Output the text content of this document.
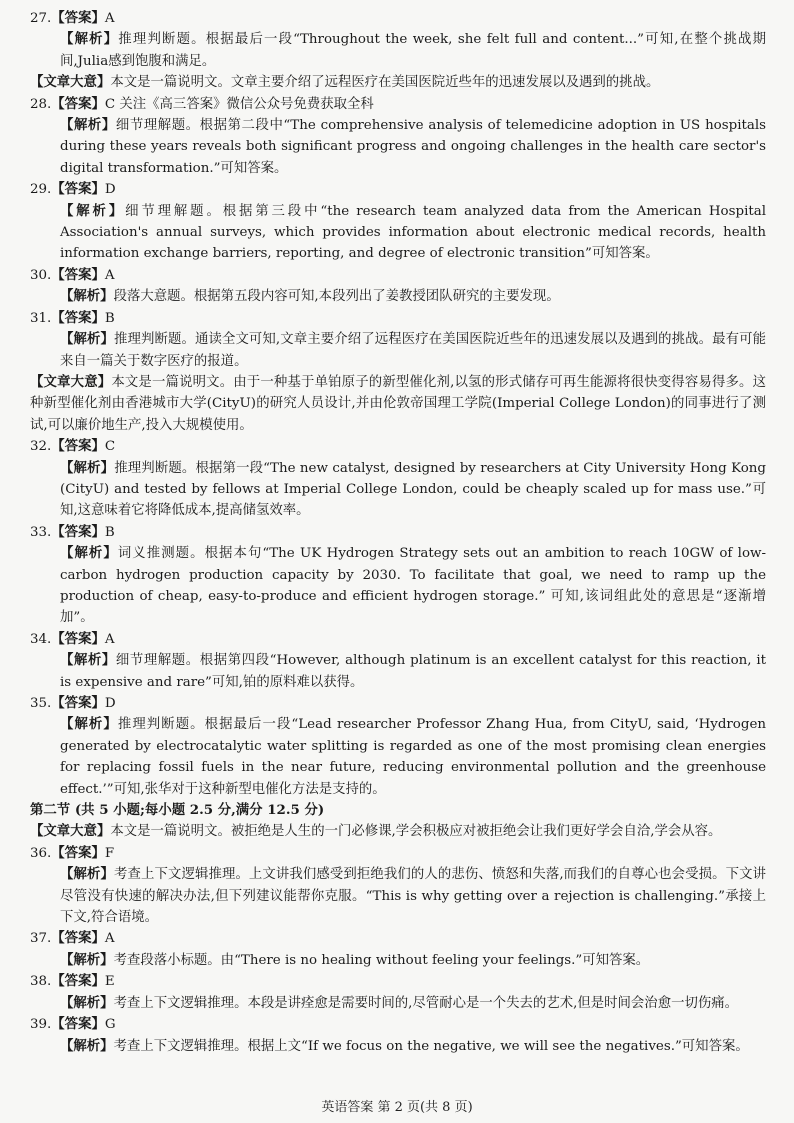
27.【答案】A
【解析】推理判断题。根据最后一段“Throughout the week, she felt full and content...”可知,在整个挑战期间,Julia感到饱腹和满足。
【文章大意】本文是一篇说明文。文章主要介绍了远程医疗在美国医院近些年的迅速发展以及遇到的挑战。
28.【答案】C 关注《高三答案》微信公众号免费获取全科
【解析】细节理解题。根据第二段中“The comprehensive analysis of telemedicine adoption in US hospitals during these years reveals both significant progress and ongoing challenges in the health care sector's digital transformation.”可知答案。
29.【答案】D
【解析】细节理解题。根据第三段中“the research team analyzed data from the American Hospital Association's annual surveys, which provides information about electronic medical records, health information exchange barriers, reporting, and degree of electronic transition”可知答案。
30.【答案】A
【解析】段落大意题。根据第五段内容可知,本段列出了姜教授团队研究的主要发现。
31.【答案】B
【解析】推理判断题。通读全文可知,文章主要介绍了远程医疗在美国医院近些年的迅速发展以及遇到的挑战。最有可能来自一篇关于数字医疗的报道。
【文章大意】本文是一篇说明文。由于一种基于单铂原子的新型催化剂,以氢的形式储存可再生能源将很快变得容易得多。这种新型催化剂由香港城市大学(CityU)的研究人员设计,并由伦敦帝国理工学院(Imperial College London)的同事进行了测试,可以廉价地生产,投入大规模使用。
32.【答案】C
【解析】推理判断题。根据第一段“The new catalyst, designed by researchers at City University Hong Kong (CityU) and tested by fellows at Imperial College London, could be cheaply scaled up for mass use.”可知,这意味着它将降低成本,提高储氢效率。
33.【答案】B
【解析】词义推测题。根据本句“The UK Hydrogen Strategy sets out an ambition to reach 10GW of low-carbon hydrogen production capacity by 2030. To facilitate that goal, we need to ramp up the production of cheap, easy-to-produce and efficient hydrogen storage.” 可知,该词组此处的意思是“逐渐增加”。
34.【答案】A
【解析】细节理解题。根据第四段“However, although platinum is an excellent catalyst for this reaction, it is expensive and rare”可知,铂的原料难以获得。
35.【答案】D
【解析】推理判断题。根据最后一段“Lead researcher Professor Zhang Hua, from CityU, said, ‘Hydrogen generated by electrocatalytic water splitting is regarded as one of the most promising clean energies for replacing fossil fuels in the near future, reducing environmental pollution and the greenhouse effect.’”可知,张华对于这种新型电催化方法是支持的。
第二节 (共 5 小题;每小题 2.5 分,满分 12.5 分)
【文章大意】本文是一篇说明文。被拒绝是人生的一门必修课,学会积极应对被拒绝会让我们更好学会自洽,学会从容。
36.【答案】F
【解析】考查上下文逻辑推理。上文讲我们感受到拒绝我们的人的悲伤、愤怒和失落,而我们的自尊心也会受损。下文讲尽管没有快速的解决办法,但下列建议能帮你克服。“This is why getting over a rejection is challenging.”承接上下文,符合语境。
37.【答案】A
【解析】考查段落小标题。由“There is no healing without feeling your feelings.”可知答案。
38.【答案】E
【解析】考查上下文逻辑推理。本段是讲痊愈是需要时间的,尽管耐心是一个失去的艺术,但是时间会治愈一切伤痛。
39.【答案】G
【解析】考查上下文逻辑推理。根据上文“If we focus on the negative, we will see the negatives.”可知答案。
英语答案 第 2 页(共 8 页)
